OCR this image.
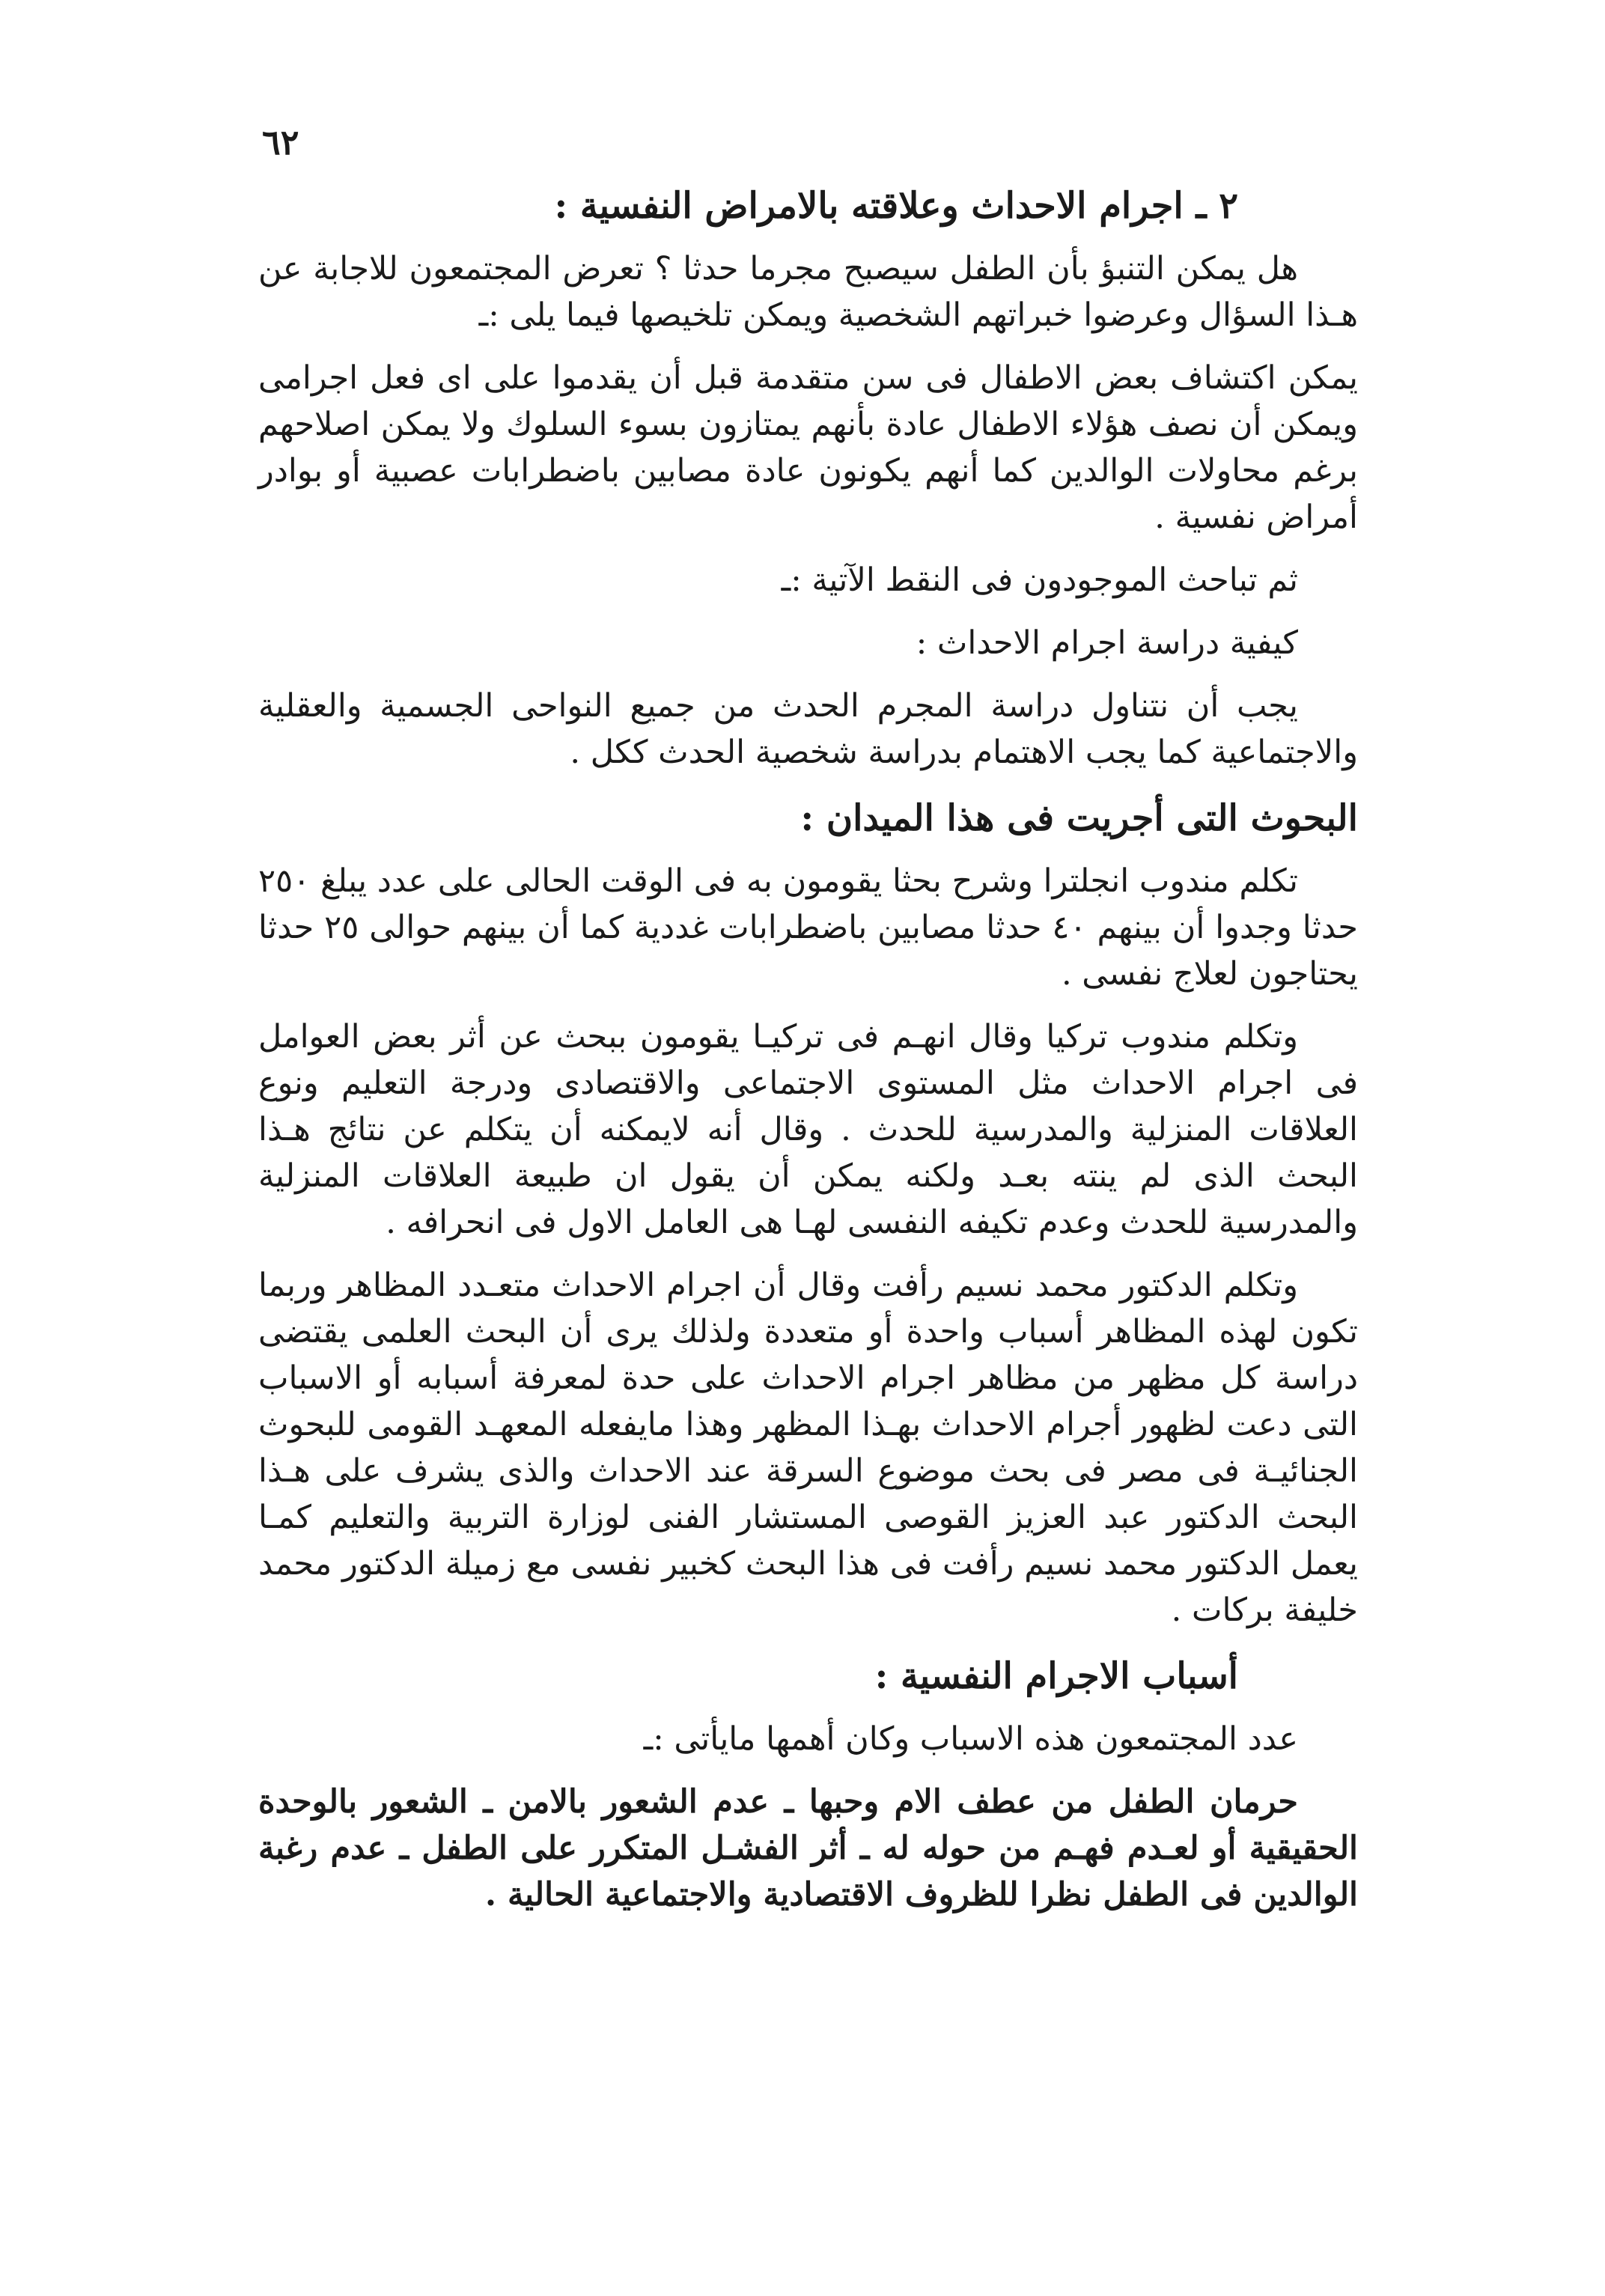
٦٢
٢ ـ اجرام الاحداث وعلاقته بالامراض النفسية :

هل يمكن التنبؤ بأن الطفل سيصبح مجرما حدثا ؟ تعرض المجتمعون للاجابة عن هـذا السؤال وعرضوا خبراتهم الشخصية ويمكن تلخيصها فيما يلى :ـ

يمكن اكتشاف بعض الاطفال فى سن متقدمة قبل أن يقدموا على اى فعل اجرامى ويمكن أن نصف هؤلاء الاطفال عادة بأنهم يمتازون بسوء السلوك ولا يمكن اصلاحهم برغم محاولات الوالدين كما أنهم يكونون عادة مصابين باضطرابات عصبية أو بوادر أمراض نفسية .

ثم تباحث الموجودون فى النقط الآتية :ـ

كيفية دراسة اجرام الاحداث :

يجب أن نتناول دراسة المجرم الحدث من جميع النواحى الجسمية والعقلية والاجتماعية كما يجب الاهتمام بدراسة شخصية الحدث ككل .

البحوث التى أجريت فى هذا الميدان :

تكلم مندوب انجلترا وشرح بحثا يقومون به فى الوقت الحالى على عدد يبلغ ٢٥٠ حدثا وجدوا أن بينهم ٤٠ حدثا مصابين باضطرابات غددية كما أن بينهم حوالى ٢٥ حدثا يحتاجون لعلاج نفسى .

وتكلم مندوب تركيا وقال انهـم فى تركيـا يقومون ببحث عن أثر بعض العوامل فى اجرام الاحداث مثل المستوى الاجتماعى والاقتصادى ودرجة التعليم ونوع العلاقات المنزلية والمدرسية للحدث . وقال أنه لايمكنه أن يتكلم عن نتائج هـذا البحث الذى لم ينته بعـد ولكنه يمكن أن يقول ان طبيعة العلاقات المنزلية والمدرسية للحدث وعدم تكيفه النفسى لهـا هى العامل الاول فى انحرافه .

وتكلم الدكتور محمد نسيم رأفت وقال أن اجرام الاحداث متعـدد المظاهر وربما تكون لهذه المظاهر أسباب واحدة أو متعددة ولذلك يرى أن البحث العلمى يقتضى دراسة كل مظهر من مظاهر اجرام الاحداث على حدة لمعرفة أسبابه أو الاسباب التى دعت لظهور أجرام الاحداث بهـذا المظهر وهذا مايفعله المعهـد القومى للبحوث الجنائيـة فى مصر فى بحث موضوع السرقة عند الاحداث والذى يشرف على هـذا البحث الدكتور عبد العزيز القوصى المستشار الفنى لوزارة التربية والتعليم كمـا يعمل الدكتور محمد نسيم رأفت فى هذا البحث كخبير نفسى مع زميلة الدكتور محمد خليفة بركات .

أسباب الاجرام النفسية :

عدد المجتمعون هذه الاسباب وكان أهمها مايأتى :ـ

حرمان الطفل من عطف الام وحبها ـ عدم الشعور بالامن ـ الشعور بالوحدة الحقيقية أو لعـدم فهـم من حوله له ـ أثر الفشـل المتكرر على الطفل ـ عدم رغبة الوالدين فى الطفل نظرا للظروف الاقتصادية والاجتماعية الحالية .
